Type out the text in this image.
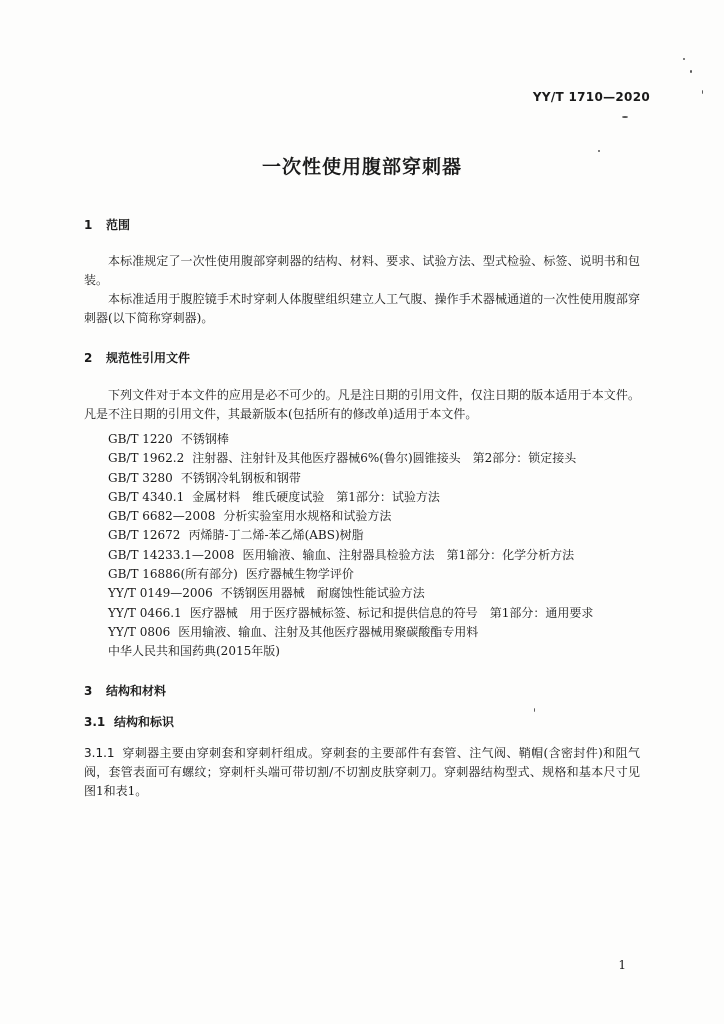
YY/T 1710—2020
一次性使用腹部穿刺器
1 范围
本标准规定了一次性使用腹部穿刺器的结构、材料、要求、试验方法、型式检验、标签、说明书和包装。
本标准适用于腹腔镜手术时穿刺人体腹壁组织建立人工气腹、操作手术器械通道的一次性使用腹部穿刺器(以下简称穿刺器)。
2 规范性引用文件
下列文件对于本文件的应用是必不可少的。凡是注日期的引用文件，仅注日期的版本适用于本文件。凡是不注日期的引用文件，其最新版本(包括所有的修改单)适用于本文件。
GB/T 1220 不锈钢棒
GB/T 1962.2 注射器、注射针及其他医疗器械6%(鲁尔)圆锥接头　第2部分：锁定接头
GB/T 3280 不锈钢冷轧钢板和钢带
GB/T 4340.1 金属材料　维氏硬度试验　第1部分：试验方法
GB/T 6682—2008 分析实验室用水规格和试验方法
GB/T 12672 丙烯腈-丁二烯-苯乙烯(ABS)树脂
GB/T 14233.1—2008 医用输液、输血、注射器具检验方法　第1部分：化学分析方法
GB/T 16886(所有部分) 医疗器械生物学评价
YY/T 0149—2006 不锈钢医用器械　耐腐蚀性能试验方法
YY/T 0466.1 医疗器械　用于医疗器械标签、标记和提供信息的符号　第1部分：通用要求
YY/T 0806 医用输液、输血、注射及其他医疗器械用聚碳酸酯专用料
中华人民共和国药典(2015年版)
3 结构和材料
3.1 结构和标识
3.1.1 穿刺器主要由穿刺套和穿刺杆组成。穿刺套的主要部件有套管、注气阀、鞘帽(含密封件)和阻气阀，套管表面可有螺纹；穿刺杆头端可带切割/不切割皮肤穿刺刀。穿刺器结构型式、规格和基本尺寸见图1和表1。
1
